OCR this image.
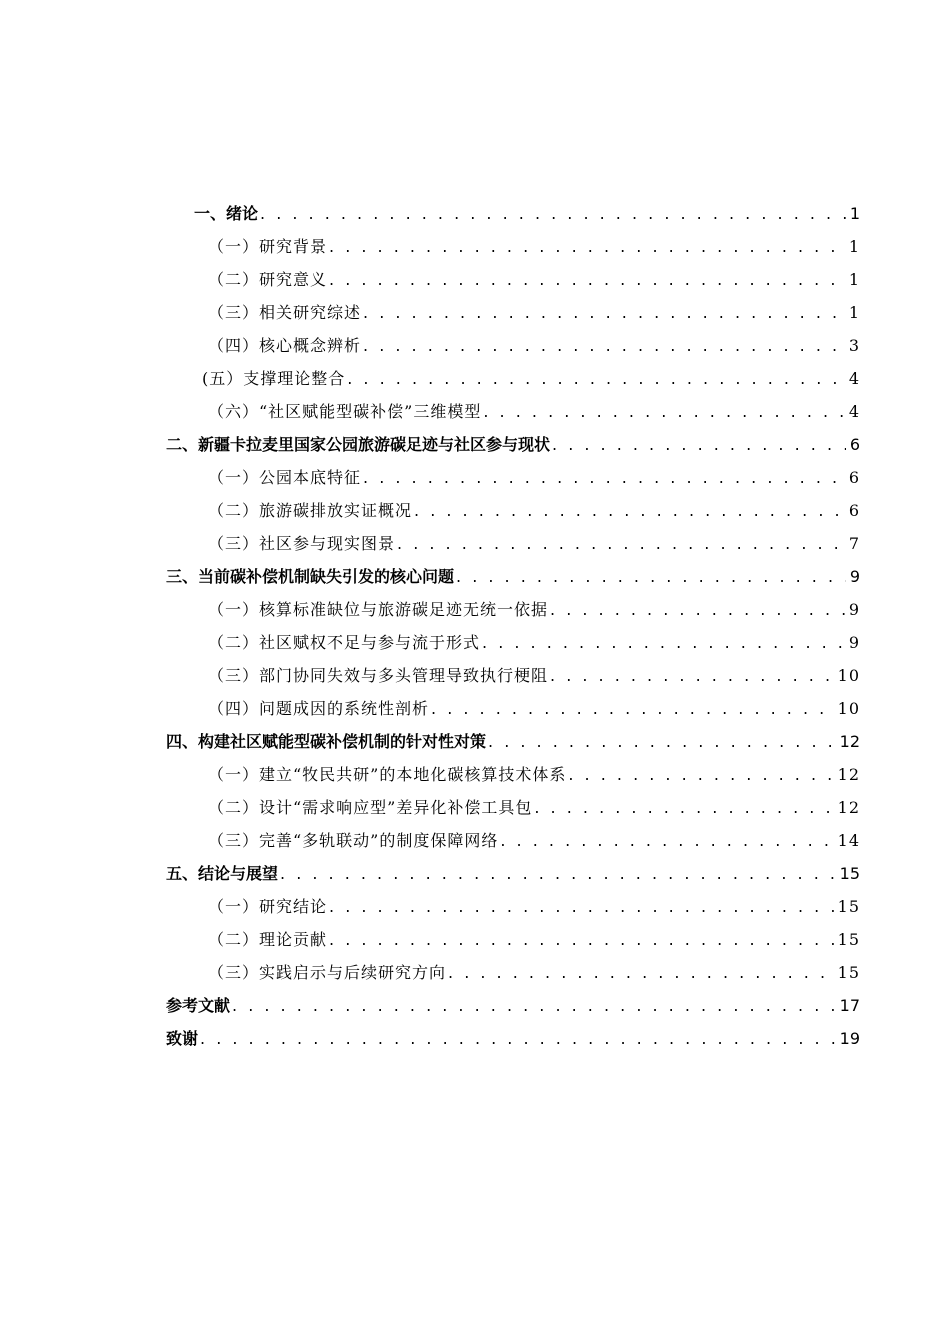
一、绪论 . . .	1
（一）研究背景 . . .	1
（二）研究意义 . . .	1
（三）相关研究综述 . . .	1
（四）核心概念辨析 . . .	3
(五）支撑理论整合 . . .	4
（六）“社区赋能型碳补偿”三维模型 . . .	4
二、新疆卡拉麦里国家公园旅游碳足迹与社区参与现状 . . .	6
（一）公园本底特征 . . .	6
（二）旅游碳排放实证概况 . . .	6
（三）社区参与现实图景 . . .	7
三、当前碳补偿机制缺失引发的核心问题 . . .	9
（一）核算标准缺位与旅游碳足迹无统一依据 . . .	9
（二）社区赋权不足与参与流于形式 . . .	9
（三）部门协同失效与多头管理导致执行梗阻 . . .	10
（四）问题成因的系统性剖析 . . .	10
四、构建社区赋能型碳补偿机制的针对性对策 . . .	12
（一）建立“牧民共研”的本地化碳核算技术体系 . . .	12
（二）设计“需求响应型”差异化补偿工具包 . . .	12
（三）完善“多轨联动”的制度保障网络 . . .	14
五、结论与展望 . . .	15
（一）研究结论 . . .	15
（二）理论贡献 . . .	15
（三）实践启示与后续研究方向 . . .	15
参考文献 . . .	17
致谢 . . .	19
